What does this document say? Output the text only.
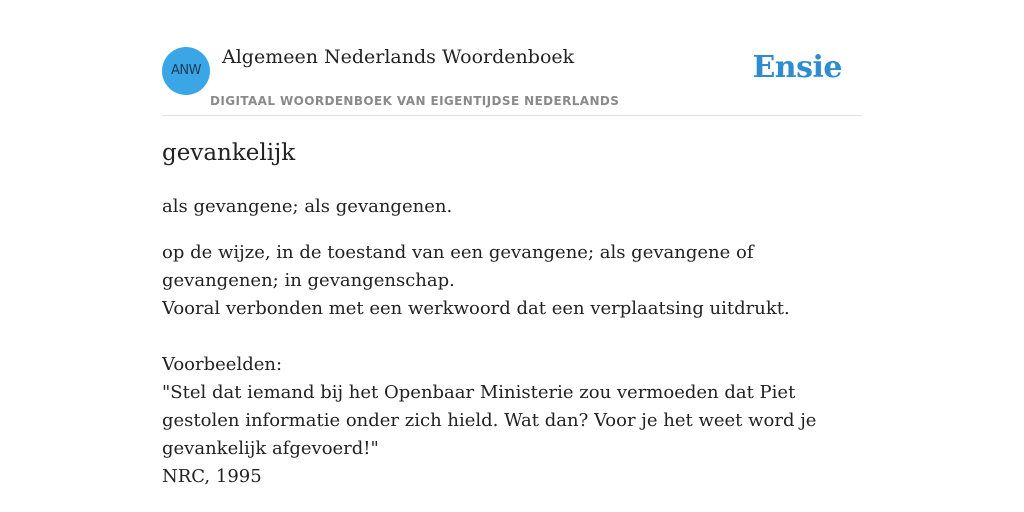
ANW
Algemeen Nederlands Woordenboek
DIGITAAL WOORDENBOEK VAN EIGENTIJDSE NEDERLANDS
Ensie
gevankelijk

als gevangene; als gevangenen.

op de wijze, in de toestand van een gevangene; als gevangene of gevangenen; in gevangenschap.

Vooral verbonden met een werkwoord dat een verplaatsing uitdrukt.

Voorbeelden:

"Stel dat iemand bij het Openbaar Ministerie zou vermoeden dat Piet gestolen informatie onder zich hield. Wat dan? Voor je het weet word je gevankelijk afgevoerd!"

NRC, 1995
